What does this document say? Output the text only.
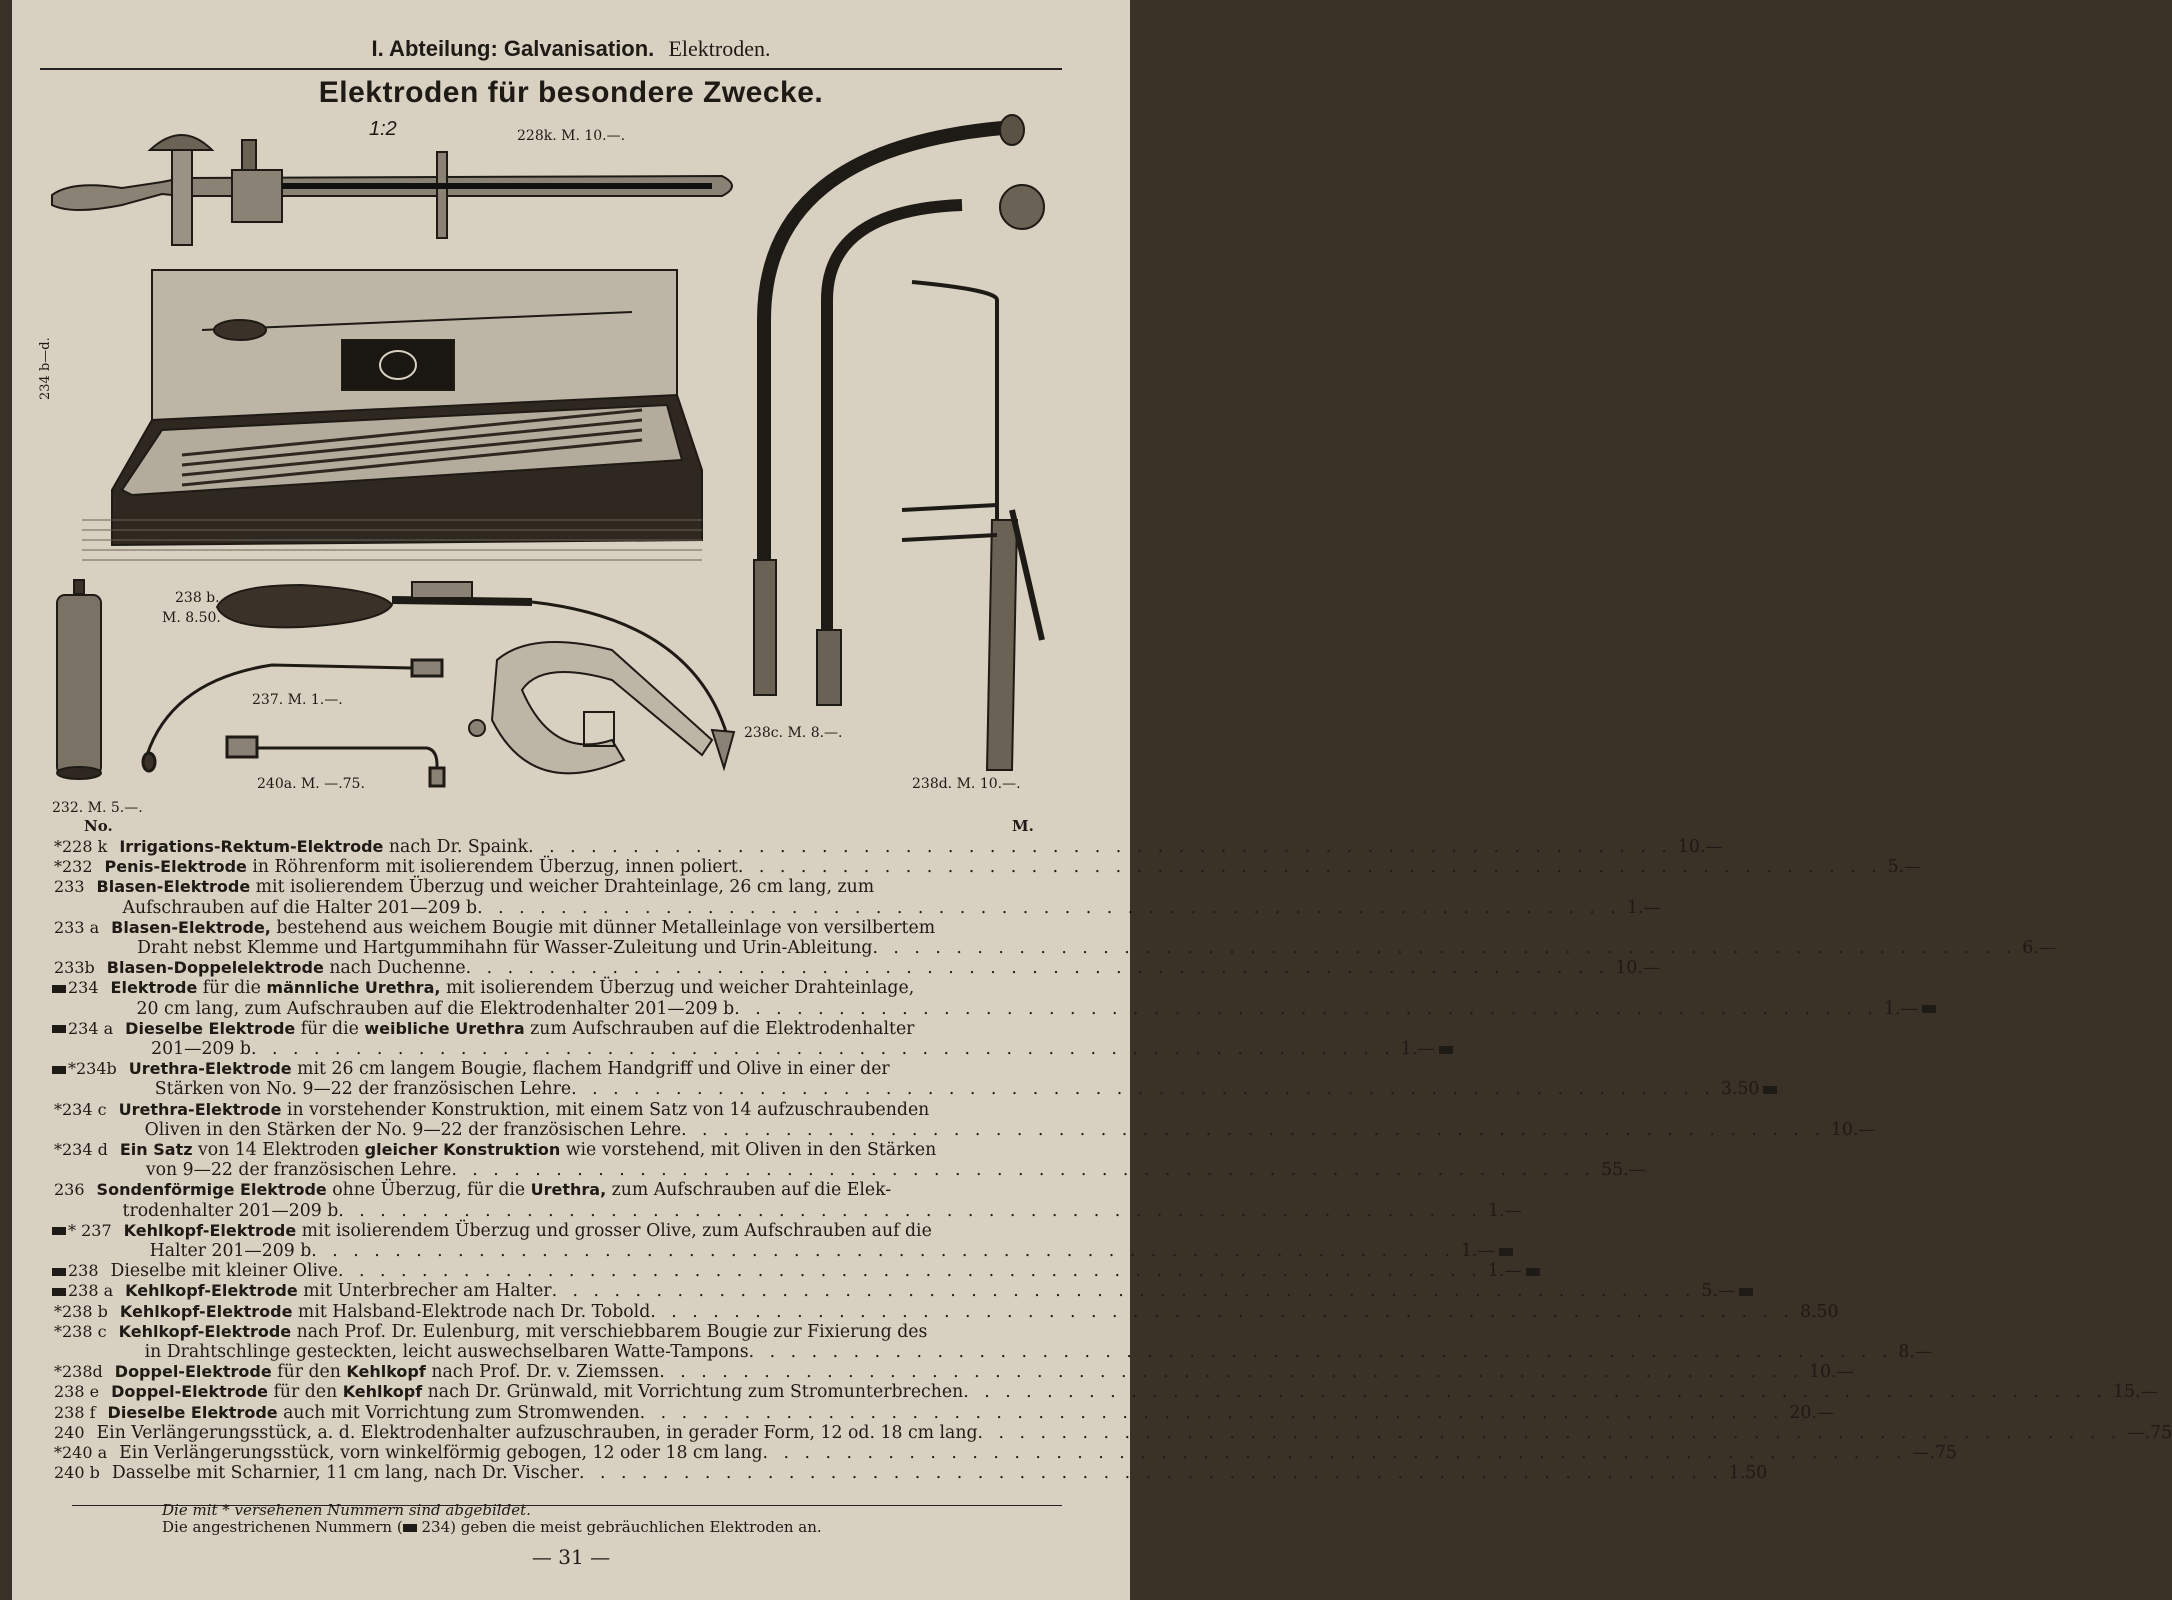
I. Abteilung: Galvanisation. Elektroden.
Elektroden für besondere Zwecke.
1:2	228k. M. 10.—.
234 b—d.
238 b.
M. 8.50.
237. M. 1.—.
240a. M. —.75.
232. M. 5.—.
238c. M. 8.—.
238d. M. 10.—.
No.	M.
*228 k Irrigations-Rektum-Elektrode nach Dr. Spaink . . . . . . . . . . . . . . . . . . . . . . . . . . . . . . . . . . . . . . . . . . . . . . . . . . . . . . . 10.—
*232 Penis-Elektrode in Röhrenform mit isolierendem Überzug, innen poliert . . . . . . . . . . . . . . . . . . . . . . . . . . . . . . . . . . . . . . . . . . . . . . . . . . . . . . . 5.—
233 Blasen-Elektrode mit isolierendem Überzug und weicher Drahteinlage, 26 cm lang, zum
Aufschrauben auf die Halter 201—209 b . . . . . . . . . . . . . . . . . . . . . . . . . . . . . . . . . . . . . . . . . . . . . . . . . . . . . . . 1.—
233 a Blasen-Elektrode, bestehend aus weichem Bougie mit dünner Metalleinlage von versilbertem
Draht nebst Klemme und Hartgummihahn für Wasser-Zuleitung und Urin-Ableitung . . . . . . . . . . . . . . . . . . . . . . . . . . . . . . . . . . . . . . . . . . . . . . . . . . . . . . . 6.—
233b Blasen-Doppelelektrode nach Duchenne . . . . . . . . . . . . . . . . . . . . . . . . . . . . . . . . . . . . . . . . . . . . . . . . . . . . . . . 10.—
234 Elektrode für die männliche Urethra, mit isolierendem Überzug und weicher Drahteinlage,
20 cm lang, zum Aufschrauben auf die Elektrodenhalter 201—209 b . . . . . . . . . . . . . . . . . . . . . . . . . . . . . . . . . . . . . . . . . . . . . . . . . . . . . . . 1.—
234 a Dieselbe Elektrode für die weibliche Urethra zum Aufschrauben auf die Elektrodenhalter
201—209 b . . . . . . . . . . . . . . . . . . . . . . . . . . . . . . . . . . . . . . . . . . . . . . . . . . . . . . . 1.—
*234b Urethra-Elektrode mit 26 cm langem Bougie, flachem Handgriff und Olive in einer der
Stärken von No. 9—22 der französischen Lehre . . . . . . . . . . . . . . . . . . . . . . . . . . . . . . . . . . . . . . . . . . . . . . . . . . . . . . . 3.50
*234 c Urethra-Elektrode in vorstehender Konstruktion, mit einem Satz von 14 aufzuschraubenden
Oliven in den Stärken der No. 9—22 der französischen Lehre . . . . . . . . . . . . . . . . . . . . . . . . . . . . . . . . . . . . . . . . . . . . . . . . . . . . . . . 10.—
*234 d Ein Satz von 14 Elektroden gleicher Konstruktion wie vorstehend, mit Oliven in den Stärken
von 9—22 der französischen Lehre . . . . . . . . . . . . . . . . . . . . . . . . . . . . . . . . . . . . . . . . . . . . . . . . . . . . . . . 55.—
236 Sondenförmige Elektrode ohne Überzug, für die Urethra, zum Aufschrauben auf die Elek-
trodenhalter 201—209 b . . . . . . . . . . . . . . . . . . . . . . . . . . . . . . . . . . . . . . . . . . . . . . . . . . . . . . . 1.—
* 237 Kehlkopf-Elektrode mit isolierendem Überzug und grosser Olive, zum Aufschrauben auf die
Halter 201—209 b . . . . . . . . . . . . . . . . . . . . . . . . . . . . . . . . . . . . . . . . . . . . . . . . . . . . . . . 1.—
238 Dieselbe mit kleiner Olive . . . . . . . . . . . . . . . . . . . . . . . . . . . . . . . . . . . . . . . . . . . . . . . . . . . . . . . 1.—
238 a Kehlkopf-Elektrode mit Unterbrecher am Halter . . . . . . . . . . . . . . . . . . . . . . . . . . . . . . . . . . . . . . . . . . . . . . . . . . . . . . . 5.—
*238 b Kehlkopf-Elektrode mit Halsband-Elektrode nach Dr. Tobold . . . . . . . . . . . . . . . . . . . . . . . . . . . . . . . . . . . . . . . . . . . . . . . . . . . . . . . 8.50
*238 c Kehlkopf-Elektrode nach Prof. Dr. Eulenburg, mit verschiebbarem Bougie zur Fixierung des
in Drahtschlinge gesteckten, leicht auswechselbaren Watte-Tampons . . . . . . . . . . . . . . . . . . . . . . . . . . . . . . . . . . . . . . . . . . . . . . . . . . . . . . . 8.—
*238d Doppel-Elektrode für den Kehlkopf nach Prof. Dr. v. Ziemssen . . . . . . . . . . . . . . . . . . . . . . . . . . . . . . . . . . . . . . . . . . . . . . . . . . . . . . . 10.—
238 e Doppel-Elektrode für den Kehlkopf nach Dr. Grünwald, mit Vorrichtung zum Stromunterbrechen . . . . . . . . . . . . . . . . . . . . . . . . . . . . . . . . . . . . . . . . . . . . . . . . . . . . . . . 15.—
238 f Dieselbe Elektrode auch mit Vorrichtung zum Stromwenden . . . . . . . . . . . . . . . . . . . . . . . . . . . . . . . . . . . . . . . . . . . . . . . . . . . . . . . 20.—
240 Ein Verlängerungsstück, a. d. Elektrodenhalter aufzuschrauben, in gerader Form, 12 od. 18 cm lang . . . . . . . . . . . . . . . . . . . . . . . . . . . . . . . . . . . . . . . . . . . . . . . . . . . . . . . —.75
*240 a Ein Verlängerungsstück, vorn winkelförmig gebogen, 12 oder 18 cm lang . . . . . . . . . . . . . . . . . . . . . . . . . . . . . . . . . . . . . . . . . . . . . . . . . . . . . . . —.75
240 b Dasselbe mit Scharnier, 11 cm lang, nach Dr. Vischer . . . . . . . . . . . . . . . . . . . . . . . . . . . . . . . . . . . . . . . . . . . . . . . . . . . . . . . 1.50
Die mit * versehenen Nummern sind abgebildet.
Die angestrichenen Nummern ( 234) geben die meist gebräuchlichen Elektroden an.
— 31 —
